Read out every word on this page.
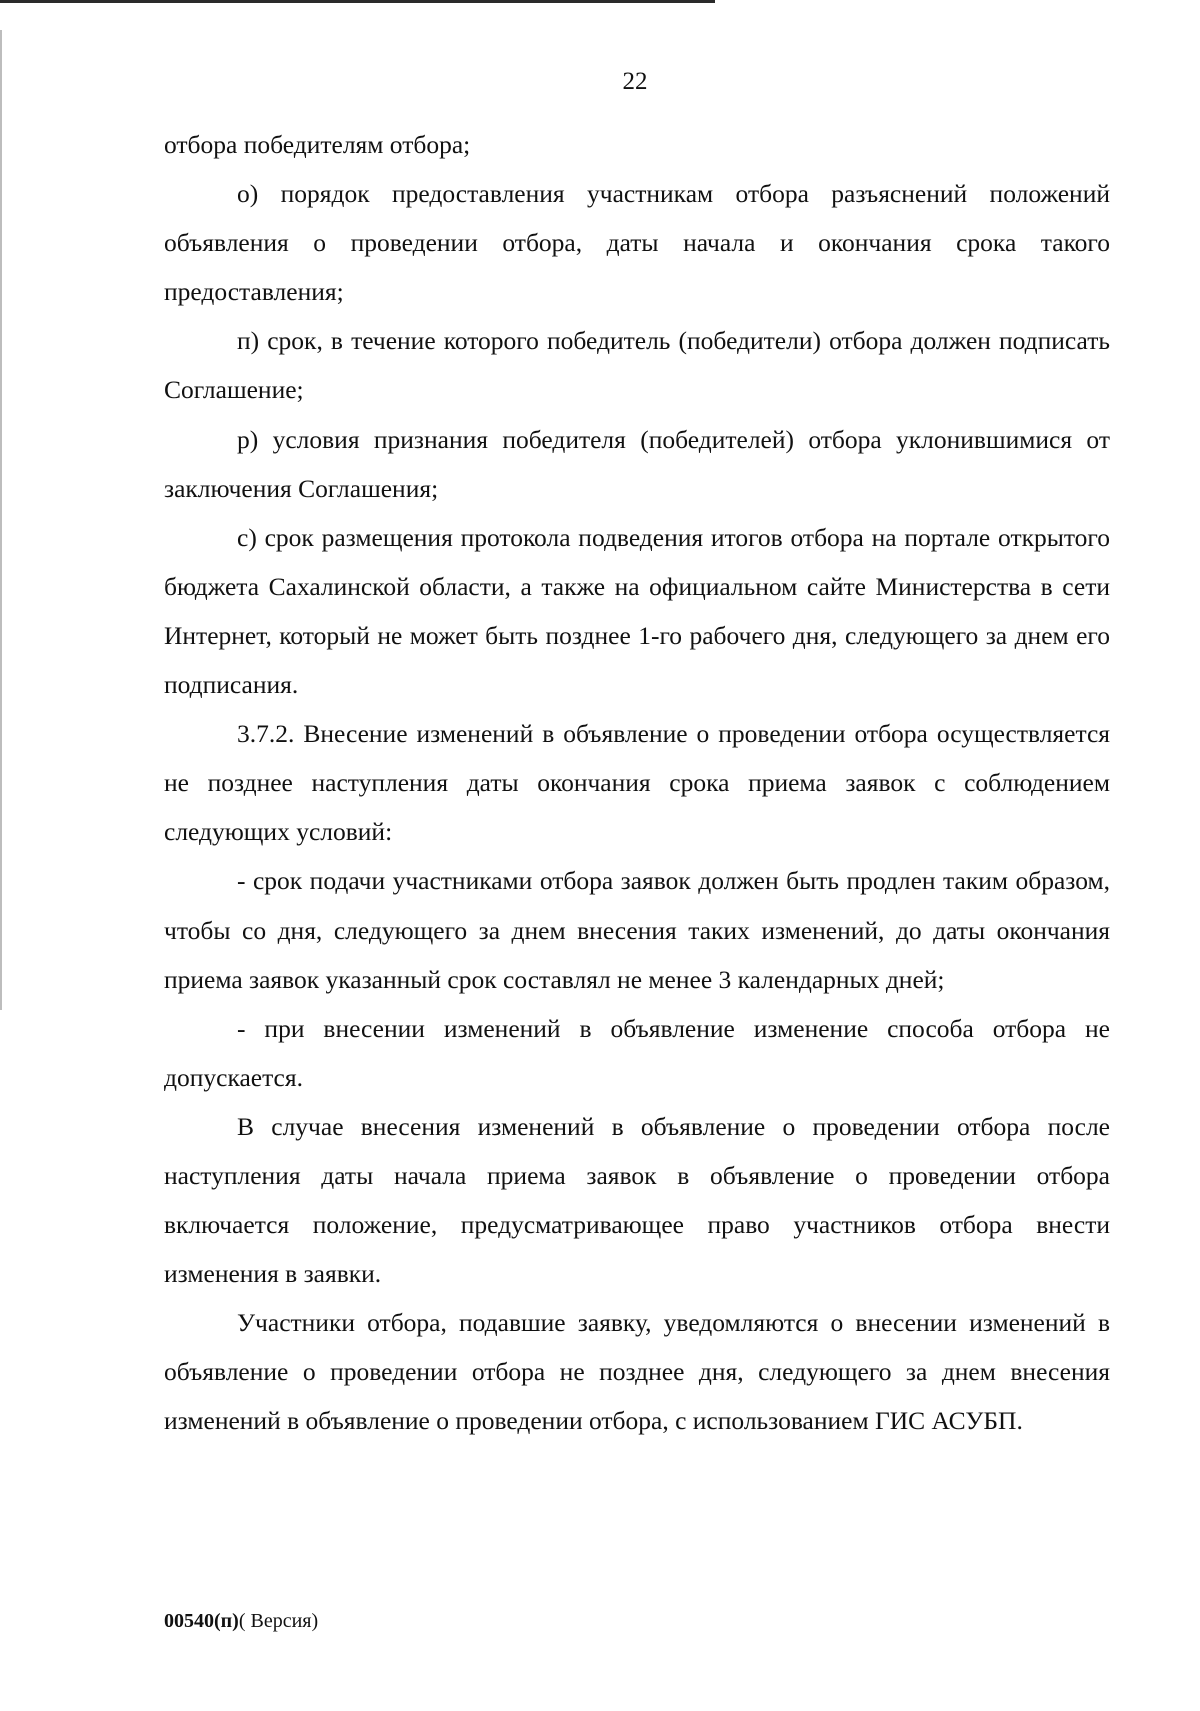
22

отбора победителям отбора;

о) порядок предоставления участникам отбора разъяснений положений объявления о проведении отбора, даты начала и окончания срока такого предоставления;

п) срок, в течение которого победитель (победители) отбора должен подписать Соглашение;

р) условия признания победителя (победителей) отбора уклонившимися от заключения Соглашения;

с) срок размещения протокола подведения итогов отбора на портале открытого бюджета Сахалинской области, а также на официальном сайте Министерства в сети Интернет, который не может быть позднее 1-го рабочего дня, следующего за днем его подписания.

3.7.2. Внесение изменений в объявление о проведении отбора осуществляется не позднее наступления даты окончания срока приема заявок с соблюдением следующих условий:

- срок подачи участниками отбора заявок должен быть продлен таким образом, чтобы со дня, следующего за днем внесения таких изменений, до даты окончания приема заявок указанный срок составлял не менее 3 календарных дней;

- при внесении изменений в объявление изменение способа отбора не допускается.

В случае внесения изменений в объявление о проведении отбора после наступления даты начала приема заявок в объявление о проведении отбора включается положение, предусматривающее право участников отбора внести изменения в заявки.

Участники отбора, подавшие заявку, уведомляются о внесении изменений в объявление о проведении отбора не позднее дня, следующего за днем внесения изменений в объявление о проведении отбора, с использованием ГИС АСУБП.

00540(п)( Версия)
